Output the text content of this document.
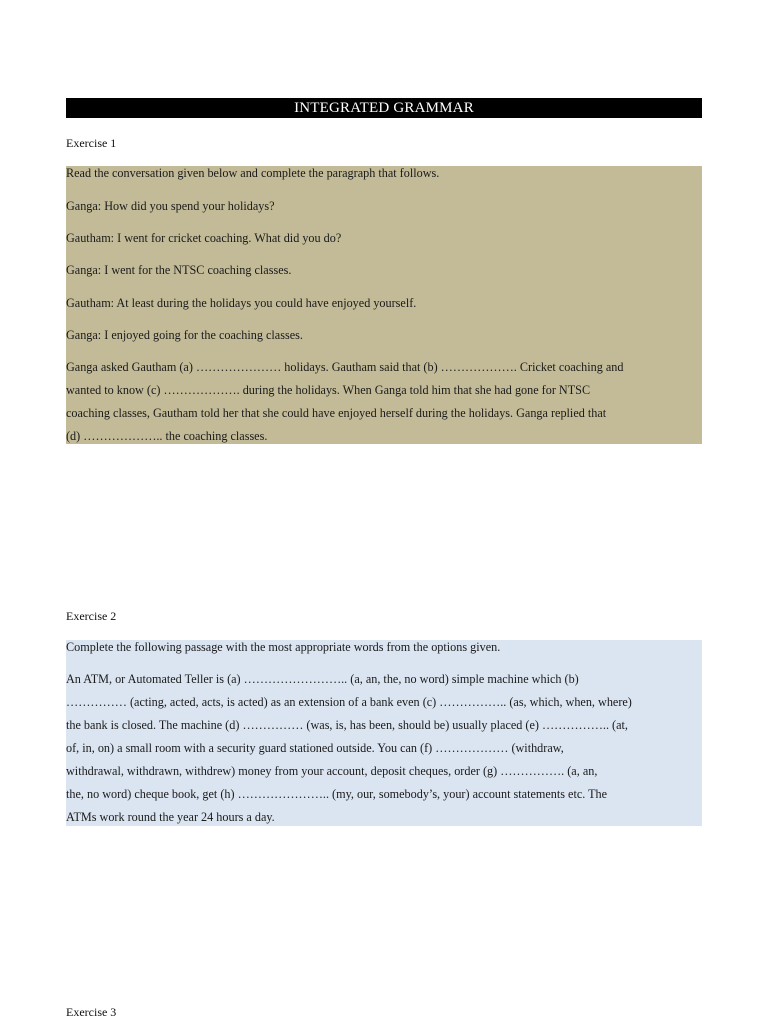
INTEGRATED GRAMMAR
Exercise 1
Read the conversation given below and complete the paragraph that follows.
Ganga: How did you spend your holidays?
Gautham: I went for cricket coaching. What did you do?
Ganga: I went for the NTSC coaching classes.
Gautham: At least during the holidays you could have enjoyed yourself.
Ganga: I enjoyed going for the coaching classes.
Ganga asked Gautham (a) ………………… holidays. Gautham said that (b) ………………. Cricket coaching and
wanted to know (c) ………………. during the holidays. When Ganga told him that she had gone for NTSC
coaching classes, Gautham told her that she could have enjoyed herself during the holidays. Ganga replied that
(d) ……………….. the coaching classes.
Exercise 2
Complete the following passage with the most appropriate words from the options given.
An ATM, or Automated Teller is (a) …………………….. (a, an, the, no word) simple machine which (b)
…………… (acting, acted, acts, is acted) as an extension of a bank even (c) …………….. (as, which, when, where)
the bank is closed. The machine (d) …………… (was, is, has been, should be) usually placed (e) …………….. (at,
of, in, on) a small room with a security guard stationed outside. You can (f) ……………… (withdraw,
withdrawal, withdrawn, withdrew) money from your account, deposit cheques, order (g) ……………. (a, an,
the, no word) cheque book, get (h) ………………….. (my, our, somebody’s, your) account statements etc. The
ATMs work round the year 24 hours a day.
Exercise 3
